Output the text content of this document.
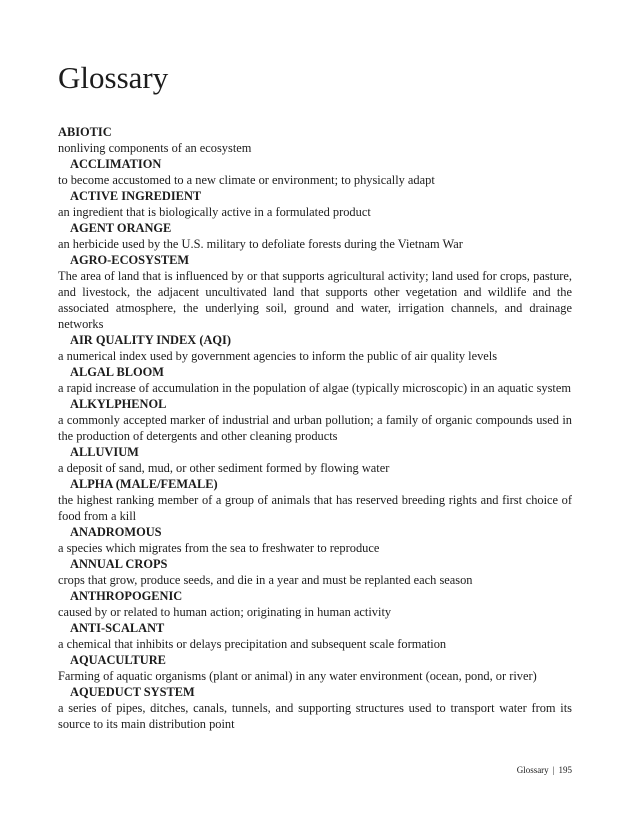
Glossary
ABIOTIC
nonliving components of an ecosystem
ACCLIMATION
to become accustomed to a new climate or environment; to physically adapt
ACTIVE INGREDIENT
an ingredient that is biologically active in a formulated product
AGENT ORANGE
an herbicide used by the U.S. military to defoliate forests during the Vietnam War
AGRO-ECOSYSTEM
The area of land that is influenced by or that supports agricultural activity; land used for crops, pasture, and livestock, the adjacent uncultivated land that supports other vegetation and wildlife and the associated atmosphere, the underlying soil, ground and water, irrigation channels, and drainage networks
AIR QUALITY INDEX (AQI)
a numerical index used by government agencies to inform the public of air quality levels
ALGAL BLOOM
a rapid increase of accumulation in the population of algae (typically microscopic) in an aquatic system
ALKYLPHENOL
a commonly accepted marker of industrial and urban pollution; a family of organic compounds used in the production of detergents and other cleaning products
ALLUVIUM
a deposit of sand, mud, or other sediment formed by flowing water
ALPHA (MALE/FEMALE)
the highest ranking member of a group of animals that has reserved breeding rights and first choice of food from a kill
ANADROMOUS
a species which migrates from the sea to freshwater to reproduce
ANNUAL CROPS
crops that grow, produce seeds, and die in a year and must be replanted each season
ANTHROPOGENIC
caused by or related to human action; originating in human activity
ANTI-SCALANT
a chemical that inhibits or delays precipitation and subsequent scale formation
AQUACULTURE
Farming of aquatic organisms (plant or animal) in any water environment (ocean, pond, or river)
AQUEDUCT SYSTEM
a series of pipes, ditches, canals, tunnels, and supporting structures used to transport water from its source to its main distribution point
Glossary | 195
